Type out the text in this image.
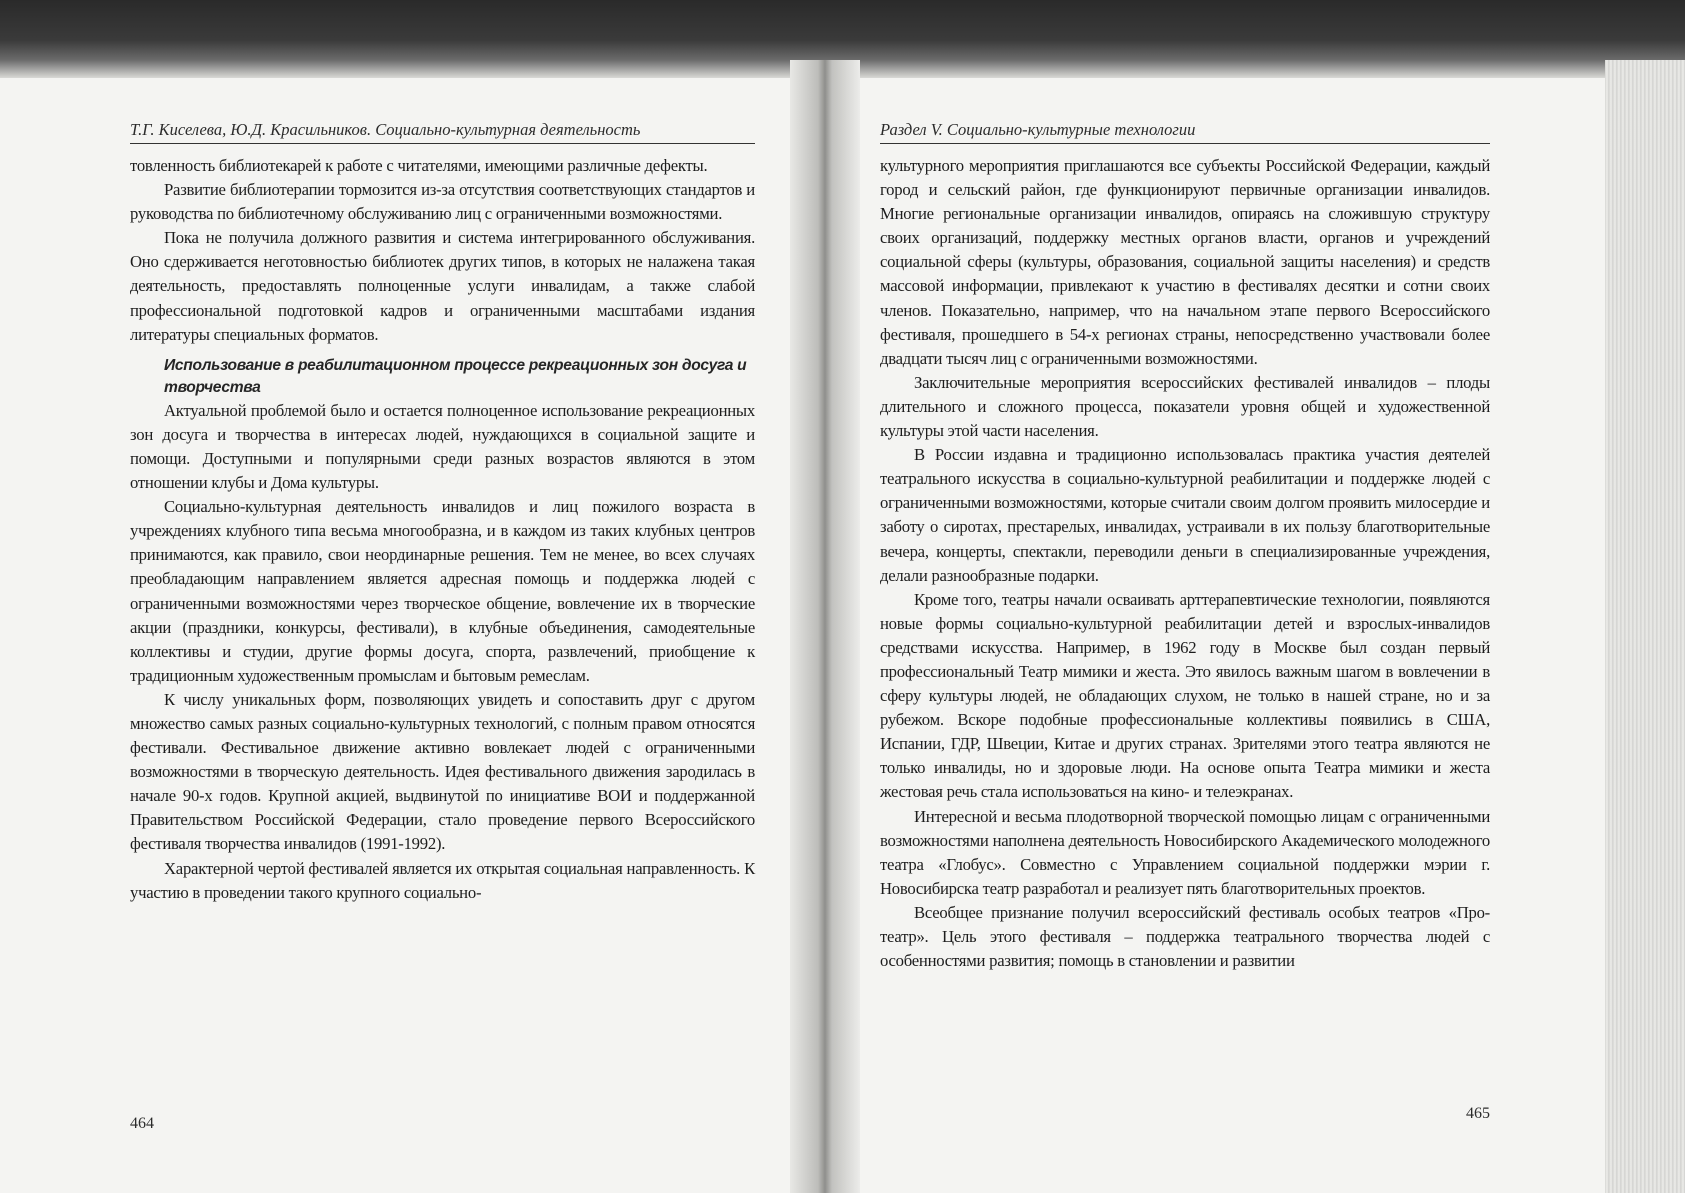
Т.Г. Киселева, Ю.Д. Красильников. Социально-культурная деятельность

товленность библиотекарей к работе с читателями, имеющими различные дефекты.

Развитие библиотерапии тормозится из-за отсутствия соответствующих стандартов и руководства по библиотечному обслуживанию лиц с ограниченными возможностями.

Пока не получила должного развития и система интегрированного обслуживания. Оно сдерживается неготовностью библиотек других типов, в которых не налажена такая деятельность, предоставлять полноценные услуги инвалидам, а также слабой профессиональной подготовкой кадров и ограниченными масштабами издания литературы специальных форматов.

Использование в реабилитационном процессе рекреационных зон досуга и творчества

Актуальной проблемой было и остается полноценное использование рекреационных зон досуга и творчества в интересах людей, нуждающихся в социальной защите и помощи. Доступными и популярными среди разных возрастов являются в этом отношении клубы и Дома культуры.

Социально-культурная деятельность инвалидов и лиц пожилого возраста в учреждениях клубного типа весьма многообразна, и в каждом из таких клубных центров принимаются, как правило, свои неординарные решения. Тем не менее, во всех случаях преобладающим направлением является адресная помощь и поддержка людей с ограниченными возможностями через творческое общение, вовлечение их в творческие акции (праздники, конкурсы, фестивали), в клубные объединения, самодеятельные коллективы и студии, другие формы досуга, спорта, развлечений, приобщение к традиционным художественным промыслам и бытовым ремеслам.

К числу уникальных форм, позволяющих увидеть и сопоставить друг с другом множество самых разных социально-культурных технологий, с полным правом относятся фестивали. Фестивальное движение активно вовлекает людей с ограниченными возможностями в творческую деятельность. Идея фестивального движения зародилась в начале 90-х годов. Крупной акцией, выдвинутой по инициативе ВОИ и поддержанной Правительством Российской Федерации, стало проведение первого Всероссийского фестиваля творчества инвалидов (1991-1992).

Характерной чертой фестивалей является их открытая социальная направленность. К участию в проведении такого крупного социально-

464
Раздел V. Социально-культурные технологии

культурного мероприятия приглашаются все субъекты Российской Федерации, каждый город и сельский район, где функционируют первичные организации инвалидов. Многие региональные организации инвалидов, опираясь на сложившую структуру своих организаций, поддержку местных органов власти, органов и учреждений социальной сферы (культуры, образования, социальной защиты населения) и средств массовой информации, привлекают к участию в фестивалях десятки и сотни своих членов. Показательно, например, что на начальном этапе первого Всероссийского фестиваля, прошедшего в 54-х регионах страны, непосредственно участвовали более двадцати тысяч лиц с ограниченными возможностями.

Заключительные мероприятия всероссийских фестивалей инвалидов – плоды длительного и сложного процесса, показатели уровня общей и художественной культуры этой части населения.

В России издавна и традиционно использовалась практика участия деятелей театрального искусства в социально-культурной реабилитации и поддержке людей с ограниченными возможностями, которые считали своим долгом проявить милосердие и заботу о сиротах, престарелых, инвалидах, устраивали в их пользу благотворительные вечера, концерты, спектакли, переводили деньги в специализированные учреждения, делали разнообразные подарки.

Кроме того, театры начали осваивать арттерапевтические технологии, появляются новые формы социально-культурной реабилитации детей и взрослых-инвалидов средствами искусства. Например, в 1962 году в Москве был создан первый профессиональный Театр мимики и жеста. Это явилось важным шагом в вовлечении в сферу культуры людей, не обладающих слухом, не только в нашей стране, но и за рубежом. Вскоре подобные профессиональные коллективы появились в США, Испании, ГДР, Швеции, Китае и других странах. Зрителями этого театра являются не только инвалиды, но и здоровые люди. На основе опыта Театра мимики и жеста жестовая речь стала использоваться на кино- и телеэкранах.

Интересной и весьма плодотворной творческой помощью лицам с ограниченными возможностями наполнена деятельность Новосибирского Академического молодежного театра «Глобус». Совместно с Управлением социальной поддержки мэрии г. Новосибирска театр разработал и реализует пять благотворительных проектов.

Всеобщее признание получил всероссийский фестиваль особых театров «Про-театр». Цель этого фестиваля – поддержка театрального творчества людей с особенностями развития; помощь в становлении и развитии

465
